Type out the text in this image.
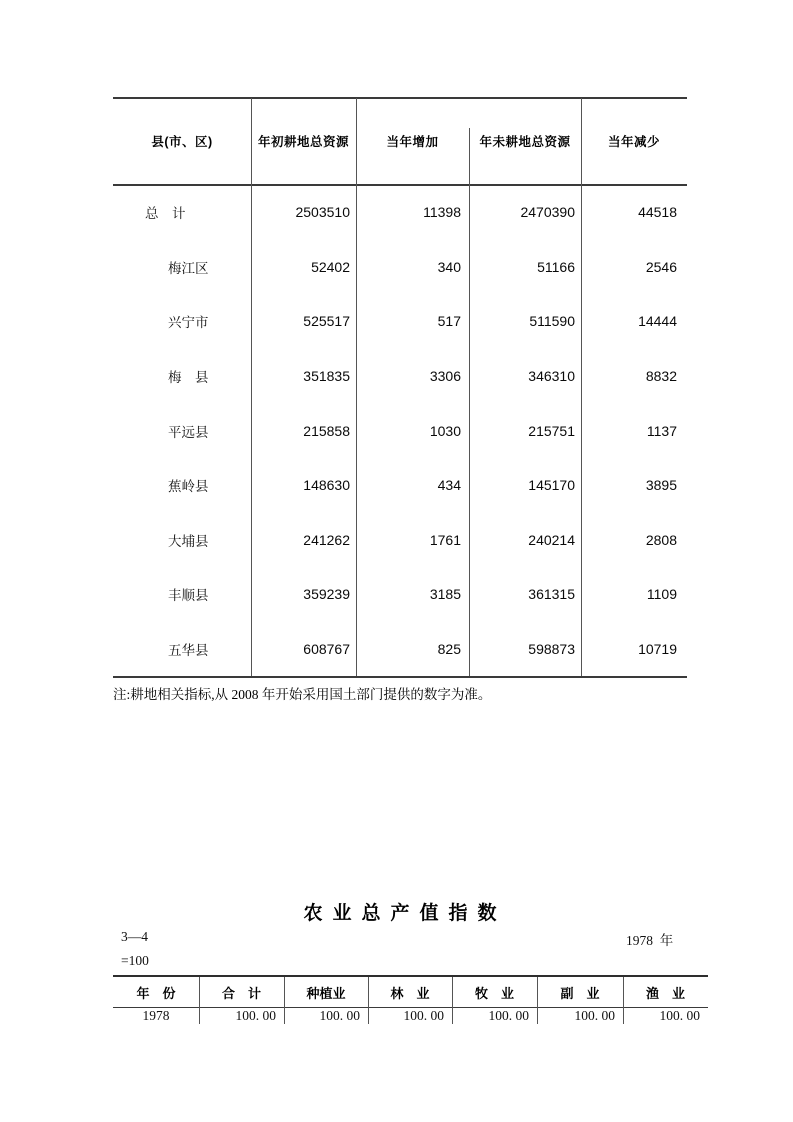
县(市、区)	年初耕地总资源	当年增加	年未耕地总资源	当年减少
总　计	2503510	11398	2470390	44518
梅江区	52402	340	51166	2546
兴宁市	525517	517	511590	14444
梅　县	351835	3306	346310	8832
平远县	215858	1030	215751	1137
蕉岭县	148630	434	145170	3895
大埔县	241262	1761	240214	2808
丰顺县	359239	3185	361315	1109
五华县	608767	825	598873	10719
注:耕地相关指标,从 2008 年开始采用国土部门提供的数字为准。
农业总产值指数
3—4	1978  年
=100
年　份	合　计	种植业	林　业	牧　业	副　业	渔　业
1978	100. 00	100. 00	100. 00	100. 00	100. 00	100. 00
